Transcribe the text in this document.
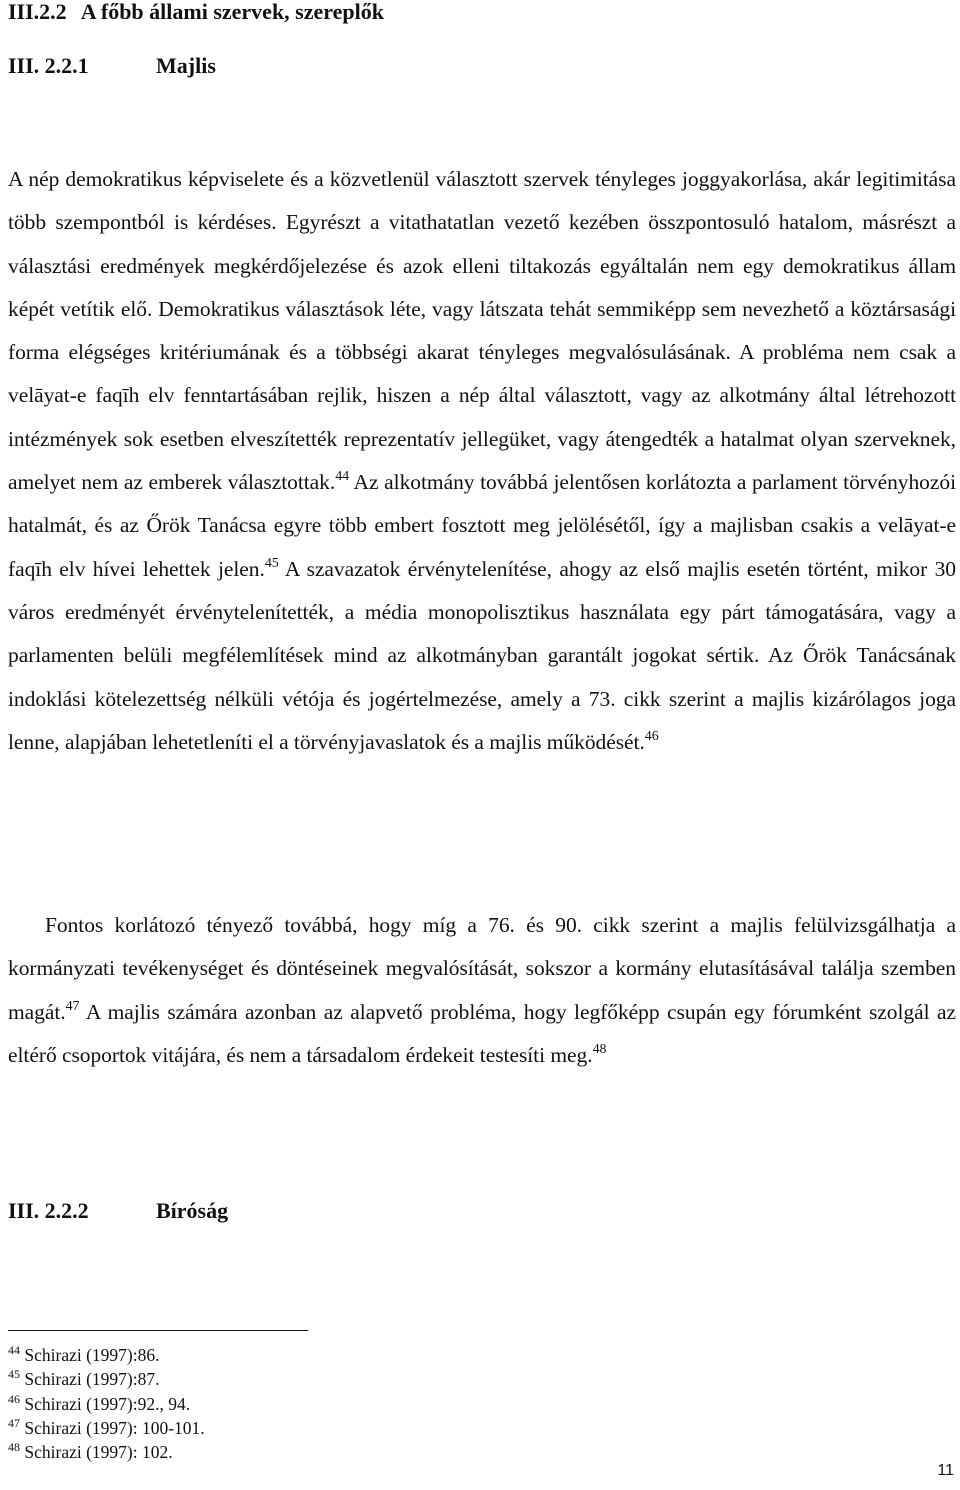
III.2.2 A főbb állami szervek, szereplők
III. 2.2.1	Majlis

A nép demokratikus képviselete és a közvetlenül választott szervek tényleges joggyakorlása, akár legitimitása több szempontból is kérdéses. Egyrészt a vitathatatlan vezető kezében összpontosuló hatalom, másrészt a választási eredmények megkérdőjelezése és azok elleni tiltakozás egyáltalán nem egy demokratikus állam képét vetítik elő. Demokratikus választások léte, vagy látszata tehát semmiképp sem nevezhető a köztársasági forma elégséges kritériumának és a többségi akarat tényleges megvalósulásának. A probléma nem csak a velāyat-e faqīh elv fenntartásában rejlik, hiszen a nép által választott, vagy az alkotmány által létrehozott intézmények sok esetben elveszítették reprezentatív jellegüket, vagy átengedték a hatalmat olyan szerveknek, amelyet nem az emberek választottak.$^{44}$ Az alkotmány továbbá jelentősen korlátozta a parlament törvényhozói hatalmát, és az Őrök Tanácsa egyre több embert fosztott meg jelölésétől, így a majlisban csakis a velāyat-e faqīh elv hívei lehettek jelen.$^{45}$ A szavazatok érvénytelenítése, ahogy az első majlis esetén történt, mikor 30 város eredményét érvénytelenítették, a média monopolisztikus használata egy párt támogatására, vagy a parlamenten belüli megfélemlítések mind az alkotmányban garantált jogokat sértik. Az Őrök Tanácsának indoklási kötelezettség nélküli vétója és jogértelmezése, amely a 73. cikk szerint a majlis kizárólagos joga lenne, alapjában lehetetleníti el a törvényjavaslatok és a majlis működését.$^{46}$

Fontos korlátozó tényező továbbá, hogy míg a 76. és 90. cikk szerint a majlis felülvizsgálhatja a kormányzati tevékenységet és döntéseinek megvalósítását, sokszor a kormány elutasításával találja szemben magát.$^{47}$ A majlis számára azonban az alapvető probléma, hogy legfőképp csupán egy fórumként szolgál az eltérő csoportok vitájára, és nem a társadalom érdekeit testesíti meg.$^{48}$

III. 2.2.2	Bíróság
$^{44}$ Schirazi (1997):86.
$^{45}$ Schirazi (1997):87.
$^{46}$ Schirazi (1997):92., 94.
$^{47}$ Schirazi (1997): 100-101.
$^{48}$ Schirazi (1997): 102.
11
